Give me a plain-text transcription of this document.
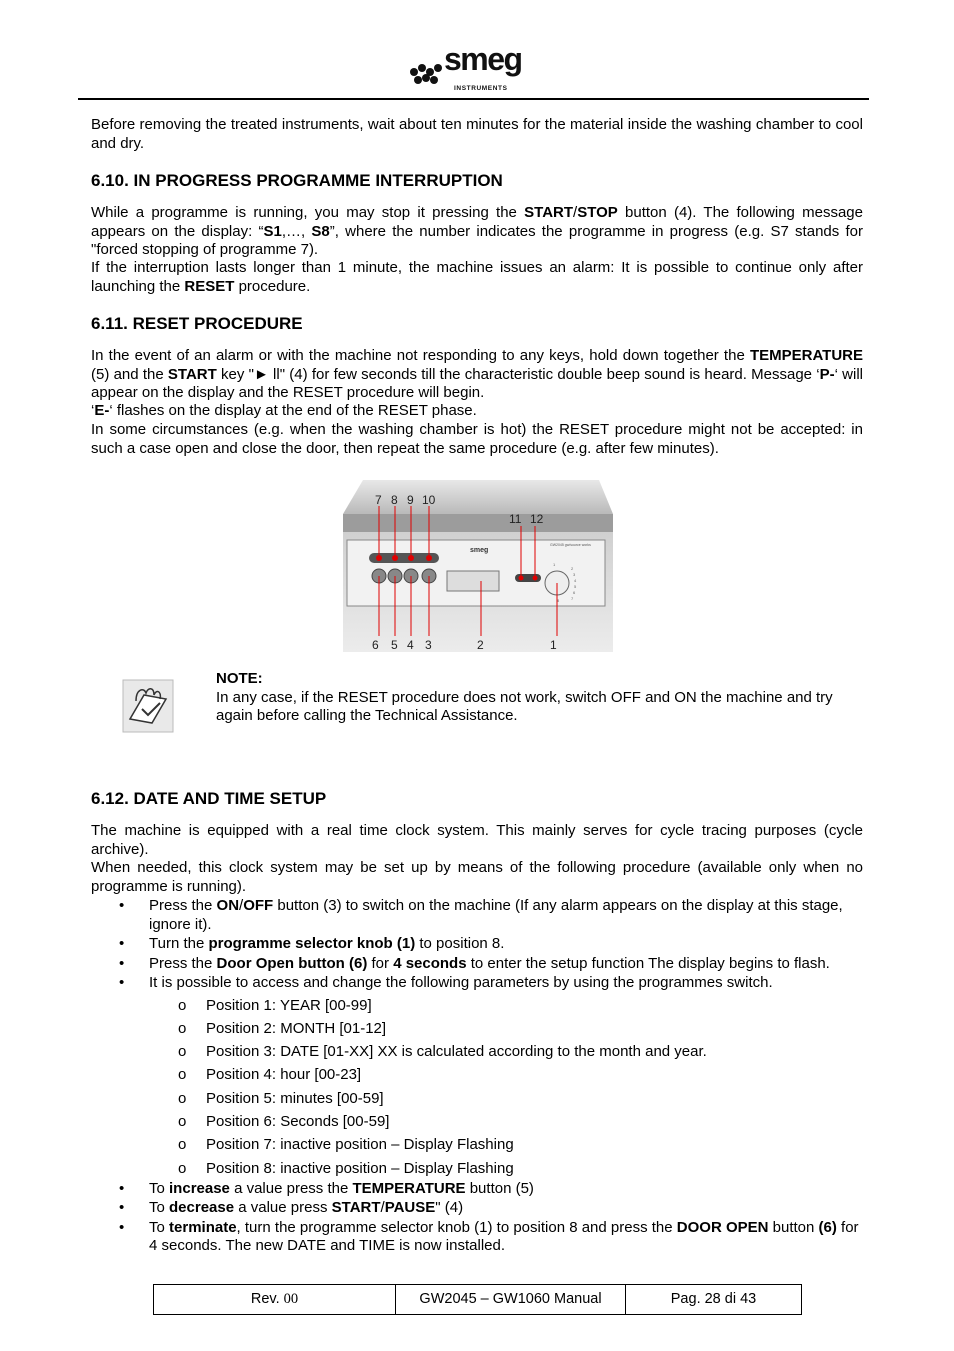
smeg
INSTRUMENTS
Before removing the treated instruments, wait about ten minutes for the material inside the washing chamber to cool and dry.
6.10. IN PROGRESS PROGRAMME INTERRUPTION
While a programme is running, you may stop it pressing the START/STOP button (4). The following message appears on the display: “S1,…, S8”, where the number indicates the programme in progress (e.g. S7 stands for "forced stopping of programme 7).
If the interruption lasts longer than 1 minute, the machine issues an alarm: It is possible to continue only after launching the RESET procedure.
6.11. RESET PROCEDURE
In the event of an alarm or with the machine not responding to any keys, hold down together the TEMPERATURE (5) and the START key "► ll" (4) for few seconds till the characteristic double beep sound is heard. Message ‘P-‘ will appear on the display and the RESET procedure will begin.
‘E-‘ flashes on the display at the end of the RESET phase.
In some circumstances (e.g. when the washing chamber is hot) the RESET procedure might not be accepted: in such a case open and close the door, then repeat the same procedure (e.g. after few minutes).
smeg
GW2045 gw/source works
1
2
3
4
5
6
7
8
7 8 9 10
11 12
6 5 4 3	2	1
NOTE:
In any case, if the RESET procedure does not work, switch OFF and ON the machine and try again before calling the Technical Assistance.
6.12. DATE AND TIME SETUP
The machine is equipped with a real time clock system. This mainly serves for cycle tracing purposes (cycle archive).
When needed, this clock system may be set up by means of the following procedure (available only when no programme is running).
• Press the ON/OFF button (3) to switch on the machine (If any alarm appears on the display at this stage, ignore it).
• Turn the programme selector knob (1) to position 8.
• Press the Door Open button (6) for 4 seconds to enter the setup function The display begins to flash.
• It is possible to access and change the following parameters by using the programmes switch.
o Position 1: YEAR [00-99]
o Position 2: MONTH [01-12]
o Position 3: DATE [01-XX] XX is calculated according to the month and year.
o Position 4: hour [00-23]
o Position 5: minutes [00-59]
o Position 6: Seconds [00-59]
o Position 7: inactive position – Display Flashing
o Position 8: inactive position – Display Flashing
• To increase a value press the TEMPERATURE button (5)
• To decrease a value press START/PAUSE" (4)
• To terminate, turn the programme selector knob (1) to position 8 and press the DOOR OPEN button (6) for 4 seconds. The new DATE and TIME is now installed.
Rev.
00	GW2045 – GW1060 Manual	Pag. 28 di 43
